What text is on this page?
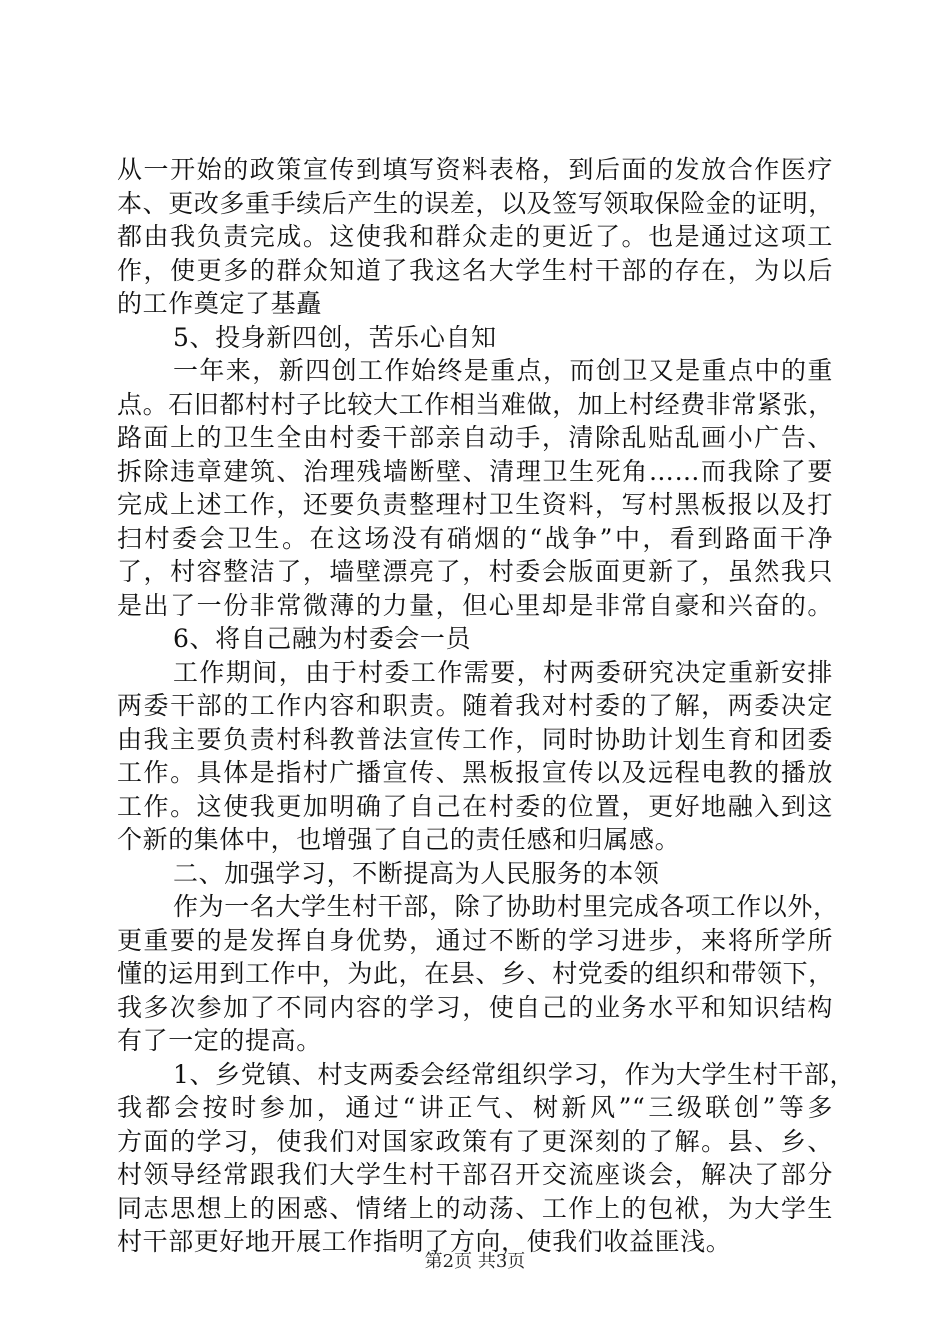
从一开始的政策宣传到填写资料表格，到后面的发放合作医疗
本、更改多重手续后产生的误差，以及签写领取保险金的证明，
都由我负责完成。这使我和群众走的更近了。也是通过这项工
作，使更多的群众知道了我这名大学生村干部的存在，为以后
的工作奠定了基矗
5、投身新四创，苦乐心自知
一年来，新四创工作始终是重点，而创卫又是重点中的重
点。石旧都村村子比较大工作相当难做，加上村经费非常紧张，
路面上的卫生全由村委干部亲自动手，清除乱贴乱画小广告、
拆除违章建筑、治理残墙断壁、清理卫生死角……而我除了要
完成上述工作，还要负责整理村卫生资料，写村黑板报以及打
扫村委会卫生。在这场没有硝烟的“战争”中，看到路面干净
了，村容整洁了，墙壁漂亮了，村委会版面更新了，虽然我只
是出了一份非常微薄的力量，但心里却是非常自豪和兴奋的。
6、将自己融为村委会一员
工作期间，由于村委工作需要，村两委研究决定重新安排
两委干部的工作内容和职责。随着我对村委的了解，两委决定
由我主要负责村科教普法宣传工作，同时协助计划生育和团委
工作。具体是指村广播宣传、黑板报宣传以及远程电教的播放
工作。这使我更加明确了自己在村委的位置，更好地融入到这
个新的集体中，也增强了自己的责任感和归属感。
二、加强学习，不断提高为人民服务的本领
作为一名大学生村干部，除了协助村里完成各项工作以外，
更重要的是发挥自身优势，通过不断的学习进步，来将所学所
懂的运用到工作中，为此，在县、乡、村党委的组织和带领下，
我多次参加了不同内容的学习，使自己的业务水平和知识结构
有了一定的提高。
1、乡党镇、村支两委会经常组织学习，作为大学生村干部，
我都会按时参加，通过“讲正气、树新风”“三级联创”等多
方面的学习，使我们对国家政策有了更深刻的了解。县、乡、
村领导经常跟我们大学生村干部召开交流座谈会，解决了部分
同志思想上的困惑、情绪上的动荡、工作上的包袱，为大学生
村干部更好地开展工作指明了方向，使我们收益匪浅。
第2页 共3页
